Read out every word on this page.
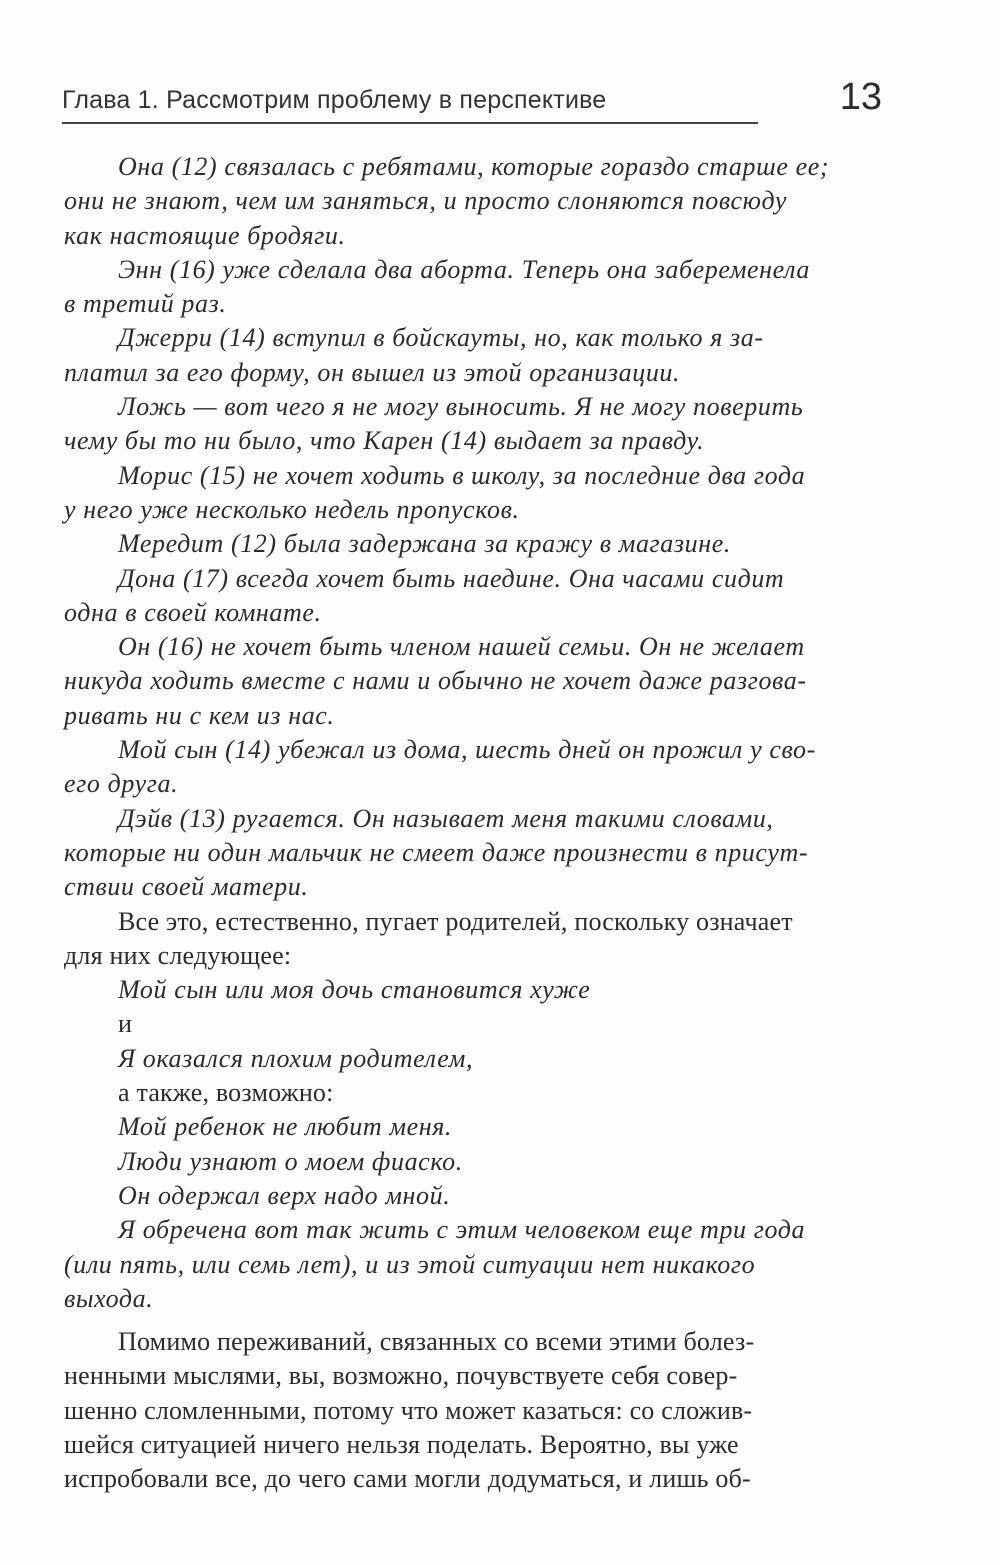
Глава 1. Рассмотрим проблему в перспективе	13
Она (12) связалась с ребятами, которые гораздо старше ее;
они не знают, чем им заняться, и просто слоняются повсюду
как настоящие бродяги.
Энн (16) уже сделала два аборта. Теперь она забеременела
в третий раз.
Джерри (14) вступил в бойскауты, но, как только я за-
платил за его форму, он вышел из этой организации.
Ложь — вот чего я не могу выносить. Я не могу поверить
чему бы то ни было, что Карен (14) выдает за правду.
Морис (15) не хочет ходить в школу, за последние два года
у него уже несколько недель пропусков.
Мередит (12) была задержана за кражу в магазине.
Дона (17) всегда хочет быть наедине. Она часами сидит
одна в своей комнате.
Он (16) не хочет быть членом нашей семьи. Он не желает
никуда ходить вместе с нами и обычно не хочет даже разгова-
ривать ни с кем из нас.
Мой сын (14) убежал из дома, шесть дней он прожил у сво-
его друга.
Дэйв (13) ругается. Он называет меня такими словами,
которые ни один мальчик не смеет даже произнести в присут-
ствии своей матери.
Все это, естественно, пугает родителей, поскольку означает
для них следующее:
Мой сын или моя дочь становится хуже
и
Я оказался плохим родителем,
а также, возможно:
Мой ребенок не любит меня.
Люди узнают о моем фиаско.
Он одержал верх надо мной.
Я обречена вот так жить с этим человеком еще три года
(или пять, или семь лет), и из этой ситуации нет никакого
выхода.
Помимо переживаний, связанных со всеми этими болез-
ненными мыслями, вы, возможно, почувствуете себя совер-
шенно сломленными, потому что может казаться: со сложив-
шейся ситуацией ничего нельзя поделать. Вероятно, вы уже
испробовали все, до чего сами могли додуматься, и лишь об-
